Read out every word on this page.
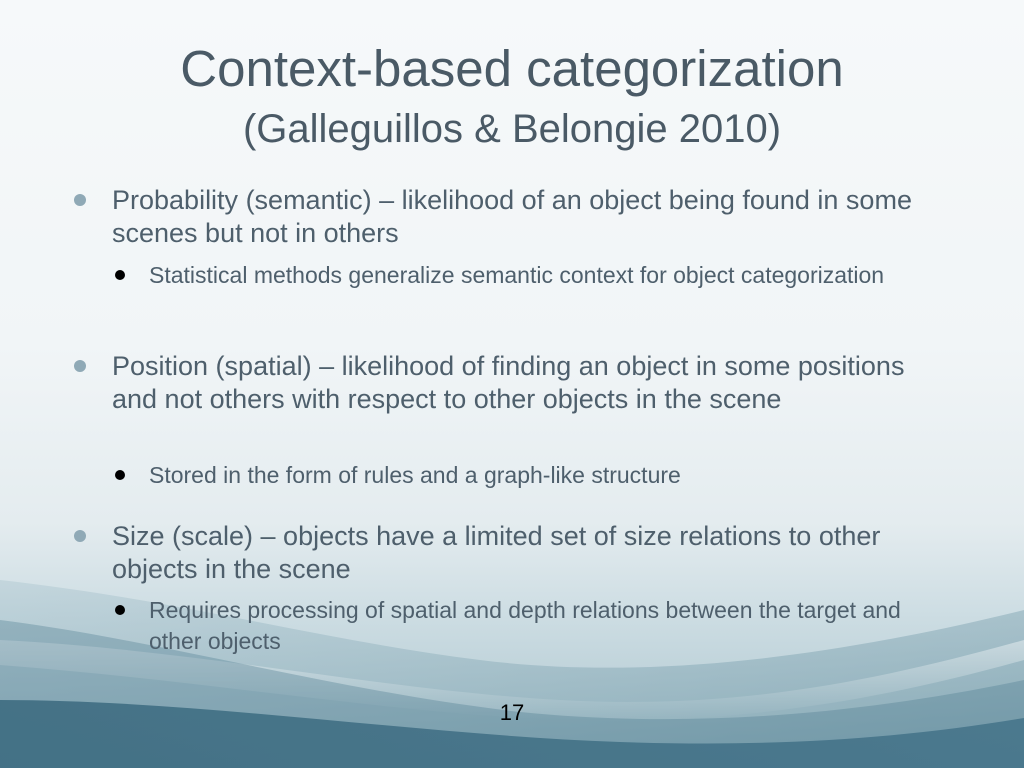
Context-based categorization
(Galleguillos & Belongie 2010)
Probability (semantic) – likelihood of an object being found in some scenes but not in others
Statistical methods generalize semantic context for object categorization
Position (spatial) – likelihood of finding an object in some positions and not others with respect to other objects in the scene
Stored in the form of rules and a graph-like structure
Size (scale) – objects have a limited set of size relations to other objects in the scene
Requires processing of spatial and depth relations between the target and other objects
17
